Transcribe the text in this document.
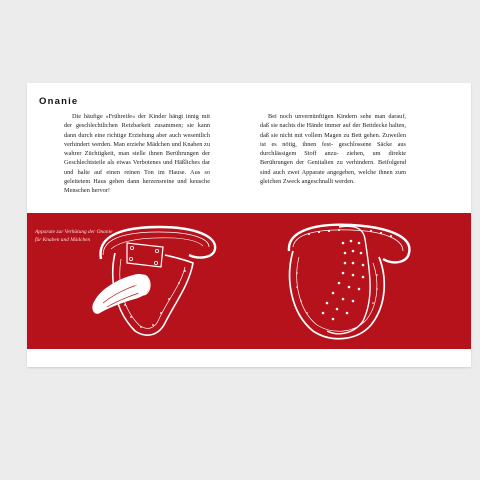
Onanie

Die häufige »Frühreife« der Kinder hängt innig mit der geschlechtlichen Reizbarkeit zusammen; sie kann dann durch eine richtige Erziehung aber auch wesentlich verhindert werden. Man erziehe Mädchen und Knaben zu wahrer Züchtigkeit, man stelle ihnen Berührungen der Geschlechtsteile als etwas Verbotenes und Häßliches dar und halte auf einen reinen Ton im Hause. Aus so geleitetem Haus gehen dann herzensreine und keusche Menschen hervor!

Bei noch unvernünftigen Kindern sehe man darauf, daß sie nachts die Hände immer auf der Bettdecke halten, daß sie nicht mit vollem Magen zu Bett gehen. Zuweilen ist es nötig, ihnen fest- geschlossene Säcke aus durchlässigem Stoff anzu- ziehen, um direkte Berührungen der Genitalien zu verhindern. Beifolgend sind auch zwei Apparate angegeben, welche ihnen zum gleichen Zweck angeschnallt werden.

Apparate zur Verhütung der Onanie für Knaben und Mädchen
